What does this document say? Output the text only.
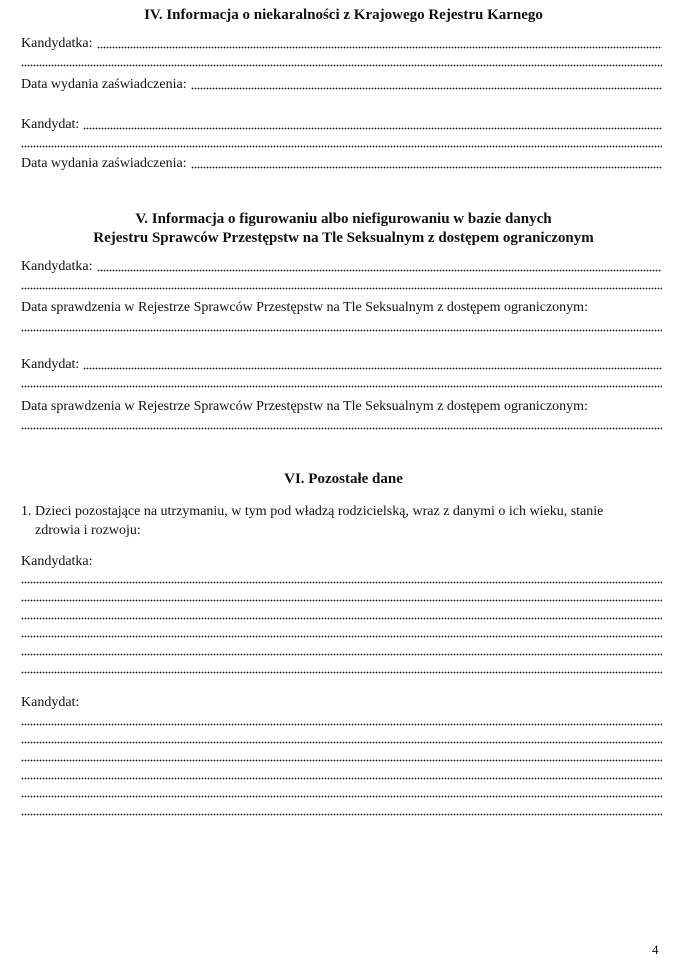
IV. Informacja o niekaralności z Krajowego Rejestru Karnego
Kandydatka:
Data wydania zaświadczenia:
Kandydat:
Data wydania zaświadczenia:
V. Informacja o figurowaniu albo niefigurowaniu w bazie danych
Rejestru Sprawców Przestępstw na Tle Seksualnym z dostępem ograniczonym
Kandydatka:
Data sprawdzenia w Rejestrze Sprawców Przestępstw na Tle Seksualnym z dostępem ograniczonym:
Kandydat:
Data sprawdzenia w Rejestrze Sprawców Przestępstw na Tle Seksualnym z dostępem ograniczonym:
VI. Pozostałe dane
1. Dzieci pozostające na utrzymaniu, w tym pod władzą rodzicielską, wraz z danymi o ich wieku, stanie
zdrowia i rozwoju:
Kandydatka:
Kandydat:
4
